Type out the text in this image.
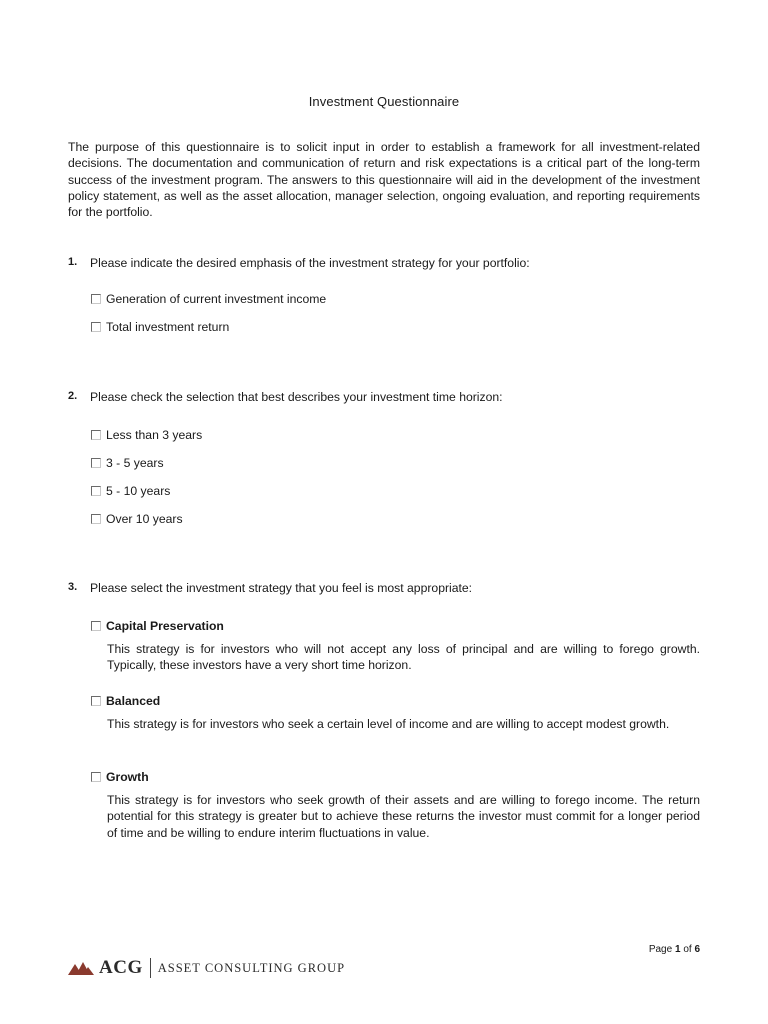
Investment Questionnaire

The purpose of this questionnaire is to solicit input in order to establish a framework for all investment-related decisions. The documentation and communication of return and risk expectations is a critical part of the long-term success of the investment program. The answers to this questionnaire will aid in the development of the investment policy statement, as well as the asset allocation, manager selection, ongoing evaluation, and reporting requirements for the portfolio.

1. Please indicate the desired emphasis of the investment strategy for your portfolio:
Generation of current investment income
Total investment return
2. Please check the selection that best describes your investment time horizon:
Less than 3 years
3 - 5 years
5 - 10 years
Over 10 years
3. Please select the investment strategy that you feel is most appropriate:
Capital Preservation

This strategy is for investors who will not accept any loss of principal and are willing to forego growth. Typically, these investors have a very short time horizon.

Balanced

This strategy is for investors who seek a certain level of income and are willing to accept modest growth.

Growth

This strategy is for investors who seek growth of their assets and are willing to forego income. The return potential for this strategy is greater but to achieve these returns the investor must commit for a longer period of time and be willing to endure interim fluctuations in value.

Page 1 of 6
ACG ASSET CONSULTING GROUP
